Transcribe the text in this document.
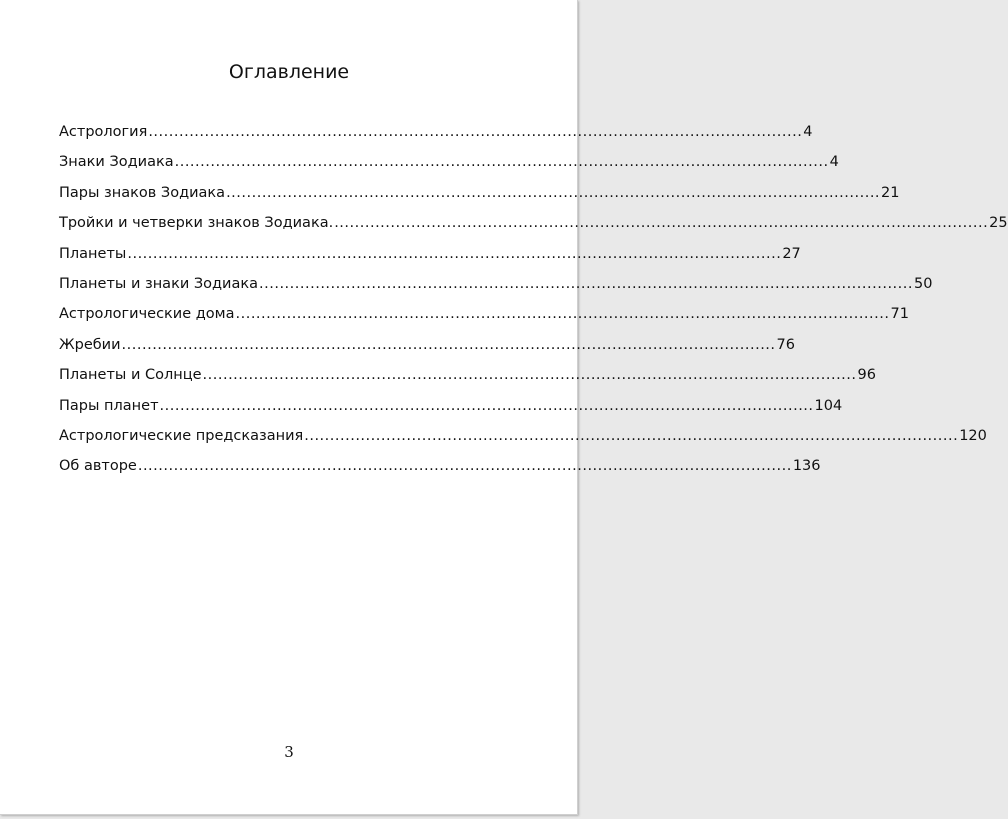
Оглавление
Астрология ................................................................................................................................ 4
Знаки Зодиака ................................................................................................................................ 4
Пары знаков Зодиака ................................................................................................................................ 21
Тройки и четверки знаков Зодиака. ................................................................................................................................ 25
Планеты ................................................................................................................................ 27
Планеты и знаки Зодиака ................................................................................................................................ 50
Астрологические дома ................................................................................................................................ 71
Жребии ................................................................................................................................ 76
Планеты и Солнце ................................................................................................................................ 96
Пары планет ................................................................................................................................ 104
Астрологические предсказания ................................................................................................................................ 120
Об авторе ................................................................................................................................ 136
3
